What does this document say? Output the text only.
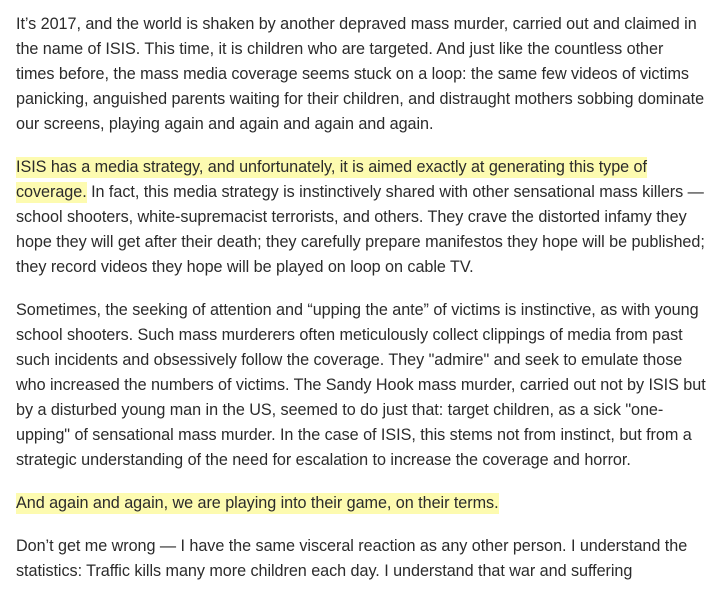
It’s 2017, and the world is shaken by another depraved mass murder, carried out and claimed in the name of ISIS. This time, it is children who are targeted. And just like the countless other times before, the mass media coverage seems stuck on a loop: the same few videos of victims panicking, anguished parents waiting for their children, and distraught mothers sobbing dominate our screens, playing again and again and again and again.

ISIS has a media strategy, and unfortunately, it is aimed exactly at generating this type of coverage. In fact, this media strategy is instinctively shared with other sensational mass killers — school shooters, white-supremacist terrorists, and others. They crave the distorted infamy they hope they will get after their death; they carefully prepare manifestos they hope will be published; they record videos they hope will be played on loop on cable TV.

Sometimes, the seeking of attention and “upping the ante” of victims is instinctive, as with young school shooters. Such mass murderers often meticulously collect clippings of media from past such incidents and obsessively follow the coverage. They "admire" and seek to emulate those who increased the numbers of victims. The Sandy Hook mass murder, carried out not by ISIS but by a disturbed young man in the US, seemed to do just that: target children, as a sick "one-upping" of sensational mass murder. In the case of ISIS, this stems not from instinct, but from a strategic understanding of the need for escalation to increase the coverage and horror.

And again and again, we are playing into their game, on their terms.

Don’t get me wrong — I have the same visceral reaction as any other person. I understand the statistics: Traffic kills many more children each day. I understand that war and suffering
